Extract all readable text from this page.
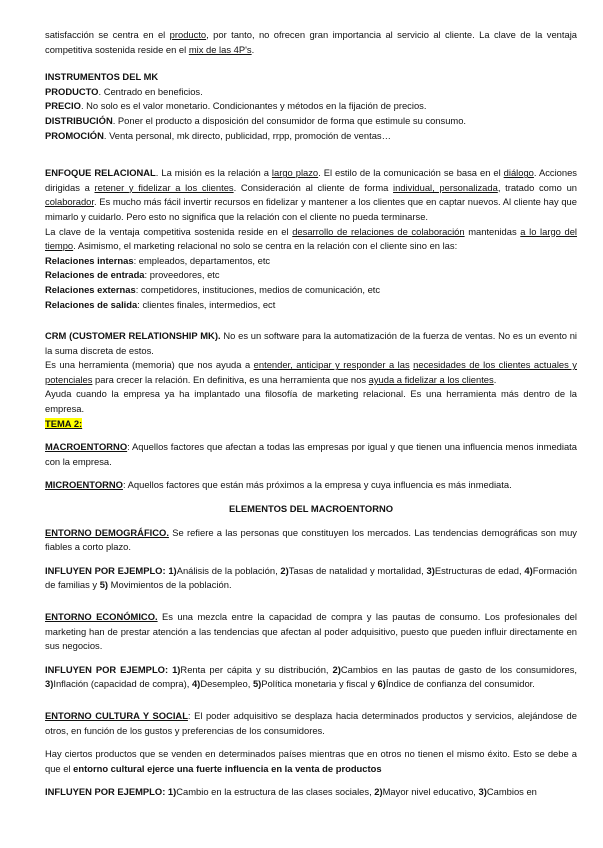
satisfacción se centra en el producto, por tanto, no ofrecen gran importancia al servicio al cliente. La clave de la ventaja competitiva sostenida reside en el mix de las 4P's.

INSTRUMENTOS DEL MK

PRODUCTO. Centrado en beneficios.

PRECIO. No solo es el valor monetario. Condicionantes y métodos en la fijación de precios.

DISTRIBUCIÓN. Poner el producto a disposición del consumidor de forma que estimule su consumo.

PROMOCIÓN. Venta personal, mk directo, publicidad, rrpp, promoción de ventas…

ENFOQUE RELACIONAL. La misión es la relación a largo plazo. El estilo de la comunicación se basa en el diálogo. Acciones dirigidas a retener y fidelizar a los clientes. Consideración al cliente de forma individual, personalizada, tratado como un colaborador. Es mucho más fácil invertir recursos en fidelizar y mantener a los clientes que en captar nuevos. Al cliente hay que mimarlo y cuidarlo. Pero esto no significa que la relación con el cliente no pueda terminarse.

La clave de la ventaja competitiva sostenida reside en el desarrollo de relaciones de colaboración mantenidas a lo largo del tiempo. Asimismo, el marketing relacional no solo se centra en la relación con el cliente sino en las:

Relaciones internas: empleados, departamentos, etc

Relaciones de entrada: proveedores, etc

Relaciones externas: competidores, instituciones, medios de comunicación, etc

Relaciones de salida: clientes finales, intermedios, ect

CRM (CUSTOMER RELATIONSHIP MK). No es un software para la automatización de la fuerza de ventas. No es un evento ni la suma discreta de estos.

Es una herramienta (memoria) que nos ayuda a entender, anticipar y responder a las necesidades de los clientes actuales y potenciales para crecer la relación. En definitiva, es una herramienta que nos ayuda a fidelizar a los clientes.

Ayuda cuando la empresa ya ha implantado una filosofía de marketing relacional. Es una herramienta más dentro de la empresa.

TEMA 2:

MACROENTORNO: Aquellos factores que afectan a todas las empresas por igual y que tienen una influencia menos inmediata con la empresa.

MICROENTORNO: Aquellos factores que están más próximos a la empresa y cuya influencia es más inmediata.

ELEMENTOS DEL MACROENTORNO

ENTORNO DEMOGRÁFICO. Se refiere a las personas que constituyen los mercados. Las tendencias demográficas son muy fiables a corto plazo.

INFLUYEN POR EJEMPLO: 1)Análisis de la población, 2)Tasas de natalidad y mortalidad, 3)Estructuras de edad, 4)Formación de familias y 5) Movimientos de la población.

ENTORNO ECONÓMICO. Es una mezcla entre la capacidad de compra y las pautas de consumo. Los profesionales del marketing han de prestar atención a las tendencias que afectan al poder adquisitivo, puesto que pueden influir directamente en sus negocios.

INFLUYEN POR EJEMPLO: 1)Renta per cápita y su distribución, 2)Cambios en las pautas de gasto de los consumidores, 3)Inflación (capacidad de compra), 4)Desempleo, 5)Política monetaria y fiscal y 6)Índice de confianza del consumidor.

ENTORNO CULTURA Y SOCIAL: El poder adquisitivo se desplaza hacia determinados productos y servicios, alejándose de otros, en función de los gustos y preferencias de los consumidores.

Hay ciertos productos que se venden en determinados países mientras que en otros no tienen el mismo éxito. Esto se debe a que el entorno cultural ejerce una fuerte influencia en la venta de productos

INFLUYEN POR EJEMPLO: 1)Cambio en la estructura de las clases sociales, 2)Mayor nivel educativo, 3)Cambios en
